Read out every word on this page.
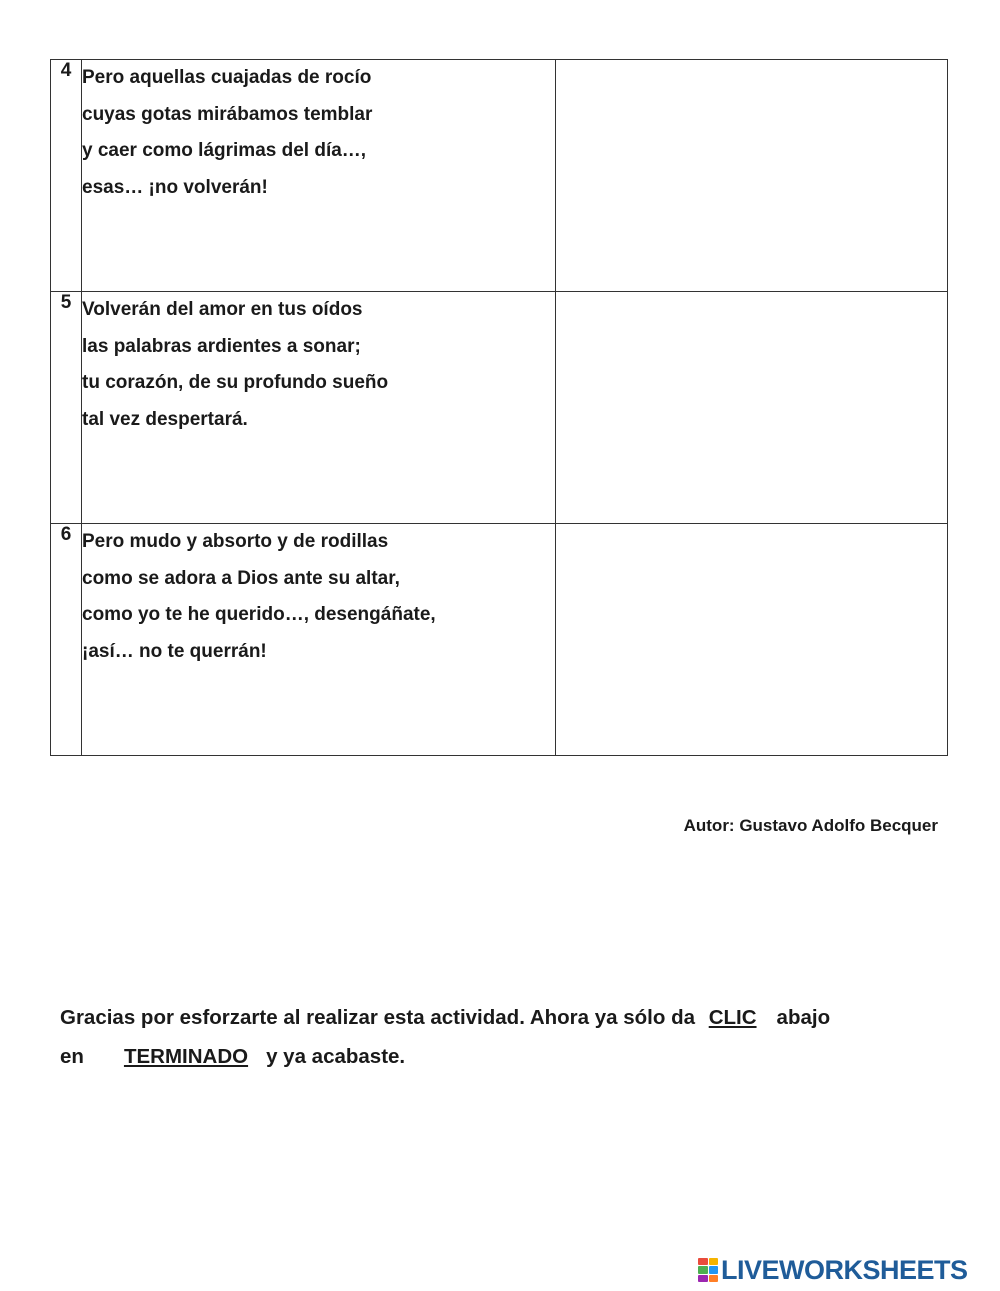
4	Pero aquellas cuajadas de rocío
cuyas gotas mirábamos temblar
y caer como lágrimas del día…,
esas… ¡no volverán!	

5	Volverán del amor en tus oídos
las palabras ardientes a sonar;
tu corazón, de su profundo sueño
tal vez despertará.	

6	Pero mudo y absorto y de rodillas
como se adora a Dios ante su altar,
como yo te he querido…, desengáñate,
¡así… no te querrán!	

Autor: Gustavo Adolfo Becquer
Gracias por esforzarte al realizar esta actividad. Ahora ya sólo da CLIC abajo
en TERMINADO y ya acabaste.
LIVEWORKSHEETS
